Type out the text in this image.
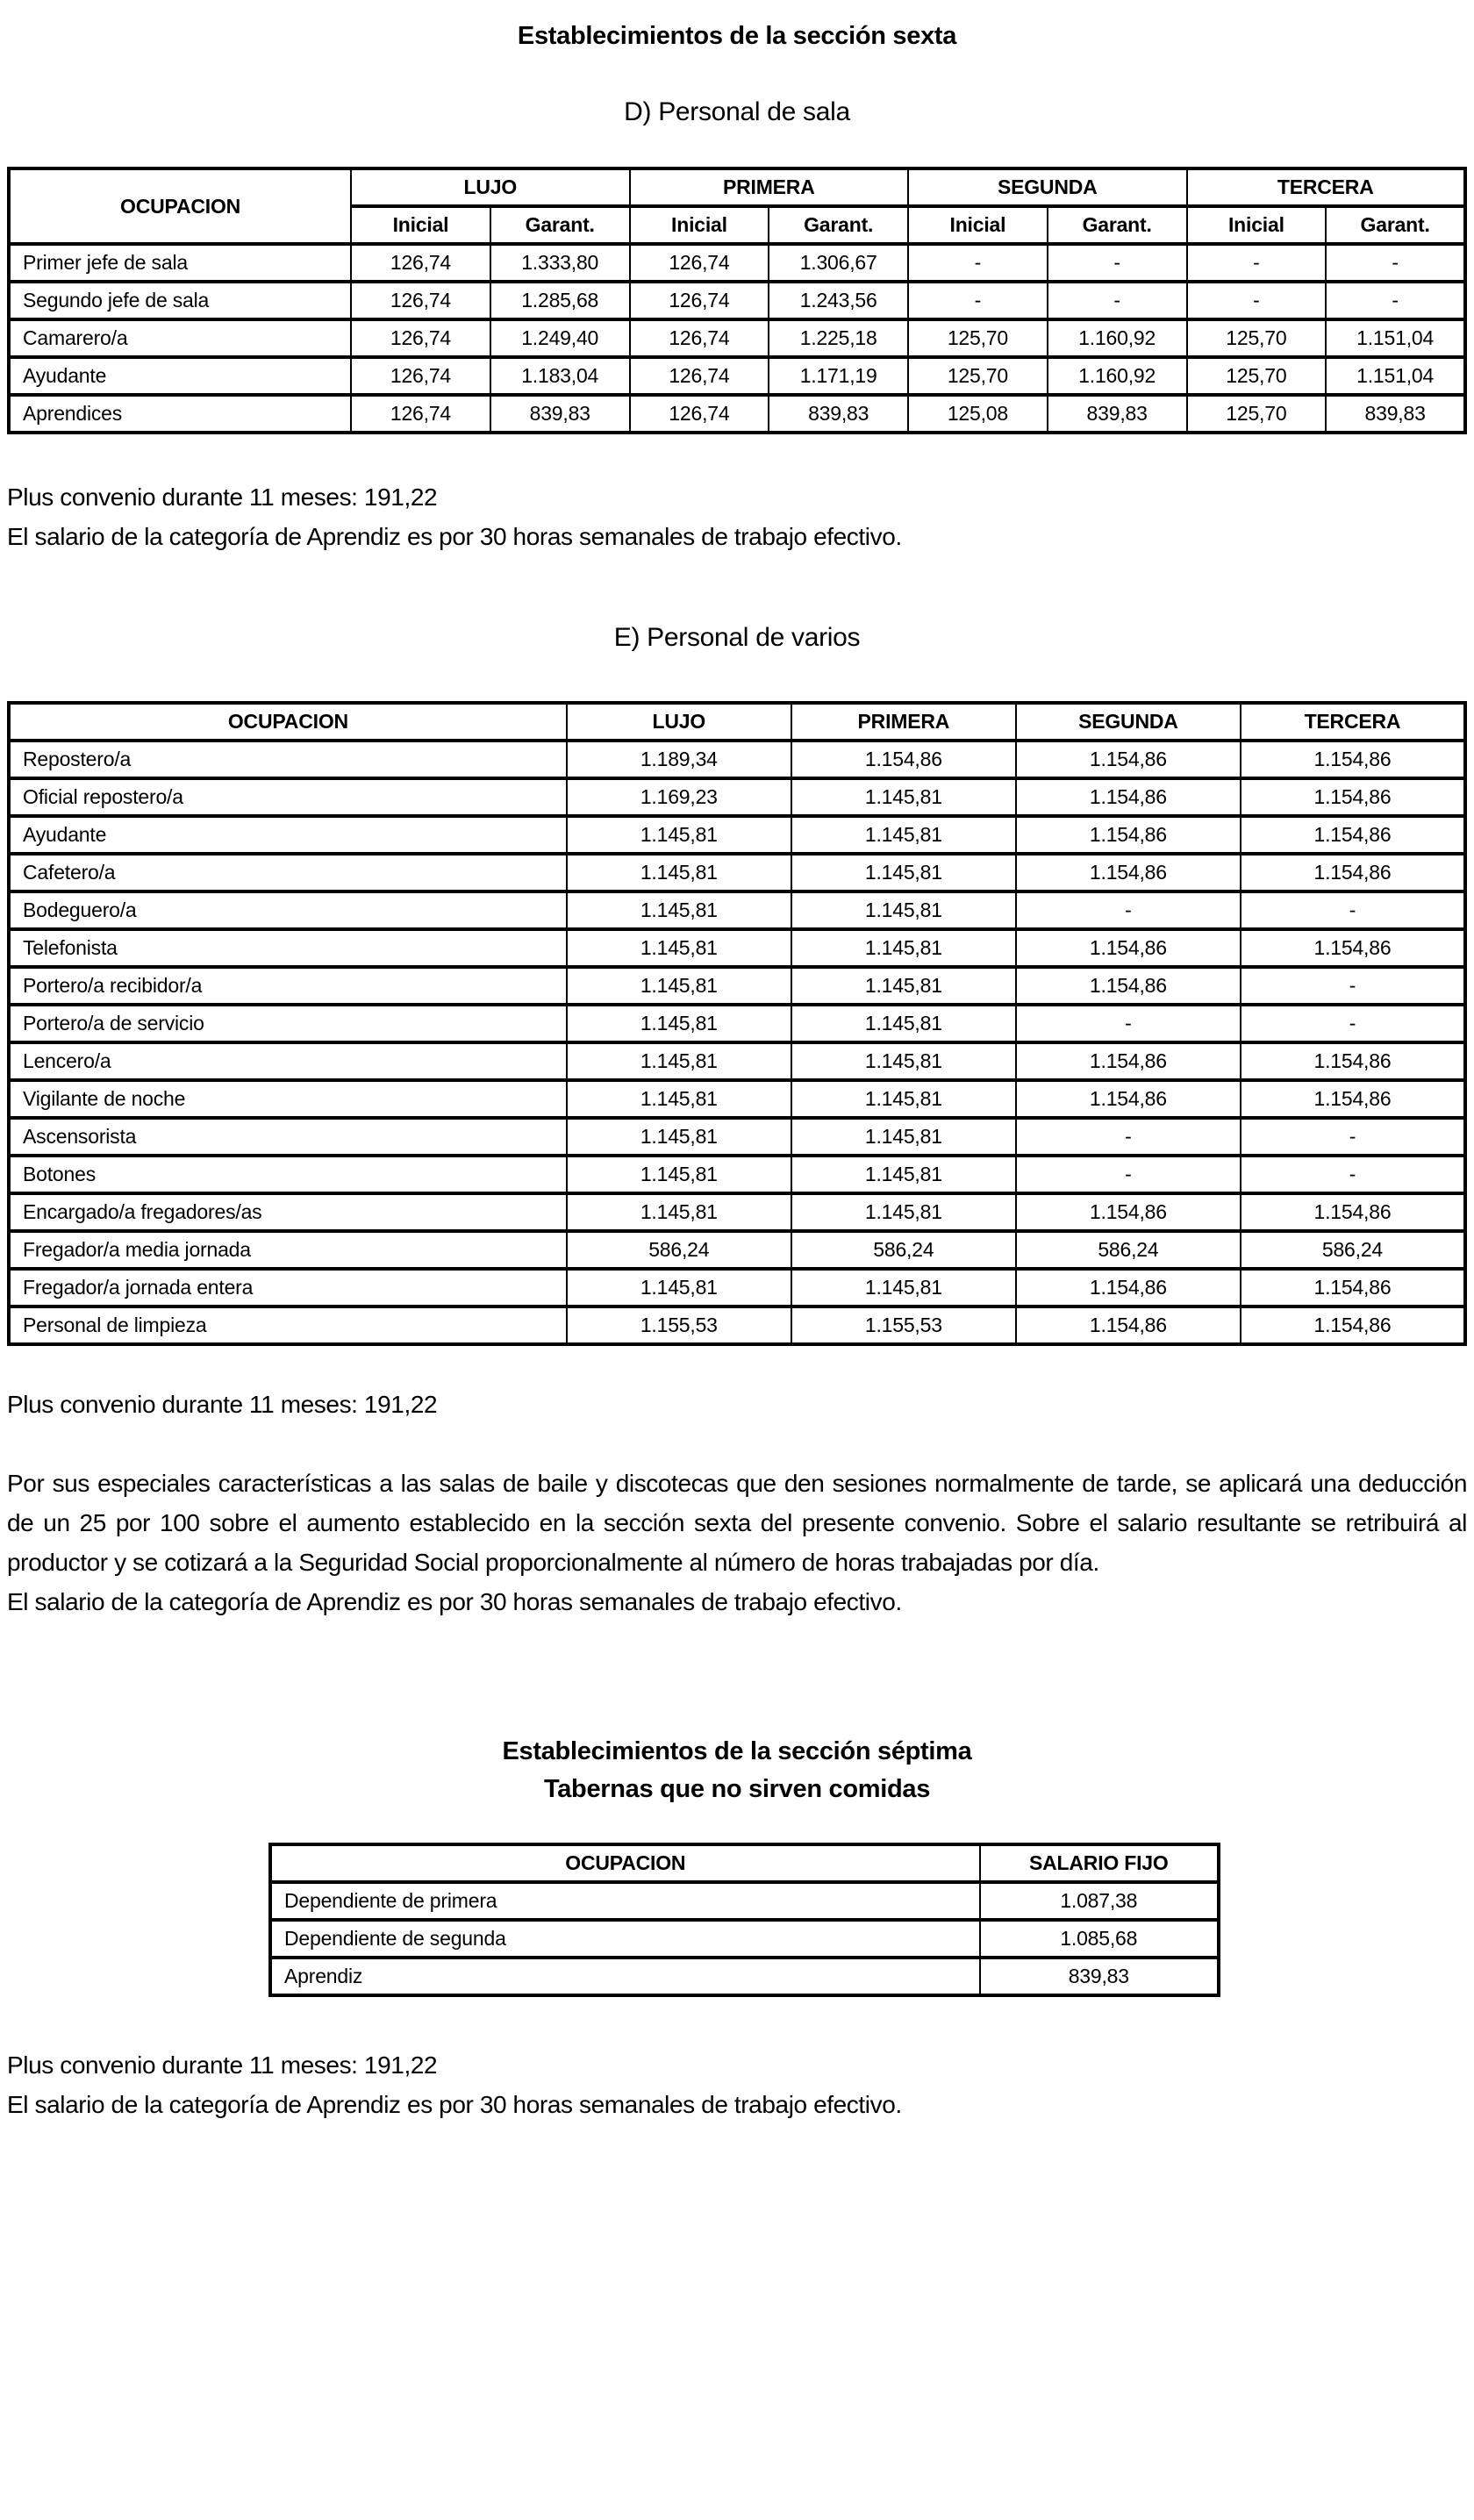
Establecimientos de la sección sexta
D) Personal de sala
OCUPACION	LUJO		PRIMERA		SEGUNDA		TERCERA	
	Inicial	Garant.	Inicial	Garant.	Inicial	Garant.	Inicial	Garant.
Primer jefe de sala	126,74	1.333,80	126,74	1.306,67	-	-	-	-
Segundo jefe de sala	126,74	1.285,68	126,74	1.243,56	-	-	-	-
Camarero/a	126,74	1.249,40	126,74	1.225,18	125,70	1.160,92	125,70	1.151,04
Ayudante	126,74	1.183,04	126,74	1.171,19	125,70	1.160,92	125,70	1.151,04
Aprendices	126,74	839,83	126,74	839,83	125,08	839,83	125,70	839,83

Plus convenio durante 11 meses: 191,22

El salario de la categoría de Aprendiz es por 30 horas semanales de trabajo efectivo.

E) Personal de varios
OCUPACION	LUJO	PRIMERA	SEGUNDA	TERCERA
Repostero/a	1.189,34	1.154,86	1.154,86	1.154,86
Oficial repostero/a	1.169,23	1.145,81	1.154,86	1.154,86
Ayudante	1.145,81	1.145,81	1.154,86	1.154,86
Cafetero/a	1.145,81	1.145,81	1.154,86	1.154,86
Bodeguero/a	1.145,81	1.145,81	-	-
Telefonista	1.145,81	1.145,81	1.154,86	1.154,86
Portero/a recibidor/a	1.145,81	1.145,81	1.154,86	-
Portero/a de servicio	1.145,81	1.145,81	-	-
Lencero/a	1.145,81	1.145,81	1.154,86	1.154,86
Vigilante de noche	1.145,81	1.145,81	1.154,86	1.154,86
Ascensorista	1.145,81	1.145,81	-	-
Botones	1.145,81	1.145,81	-	-
Encargado/a fregadores/as	1.145,81	1.145,81	1.154,86	1.154,86
Fregador/a media jornada	586,24	586,24	586,24	586,24
Fregador/a jornada entera	1.145,81	1.145,81	1.154,86	1.154,86
Personal de limpieza	1.155,53	1.155,53	1.154,86	1.154,86

Plus convenio durante 11 meses: 191,22

Por sus especiales características a las salas de baile y discotecas que den sesiones normalmente de tarde, se aplicará una deducción de un 25 por 100 sobre el aumento establecido en la sección sexta del presente convenio. Sobre el salario resultante se retribuirá al productor y se cotizará a la Seguridad Social proporcionalmente al número de horas trabajadas por día.

El salario de la categoría de Aprendiz es por 30 horas semanales de trabajo efectivo.

Establecimientos de la sección séptima
Tabernas que no sirven comidas
OCUPACION	SALARIO FIJO
Dependiente de primera	1.087,38
Dependiente de segunda	1.085,68
Aprendiz	839,83

Plus convenio durante 11 meses: 191,22

El salario de la categoría de Aprendiz es por 30 horas semanales de trabajo efectivo.
